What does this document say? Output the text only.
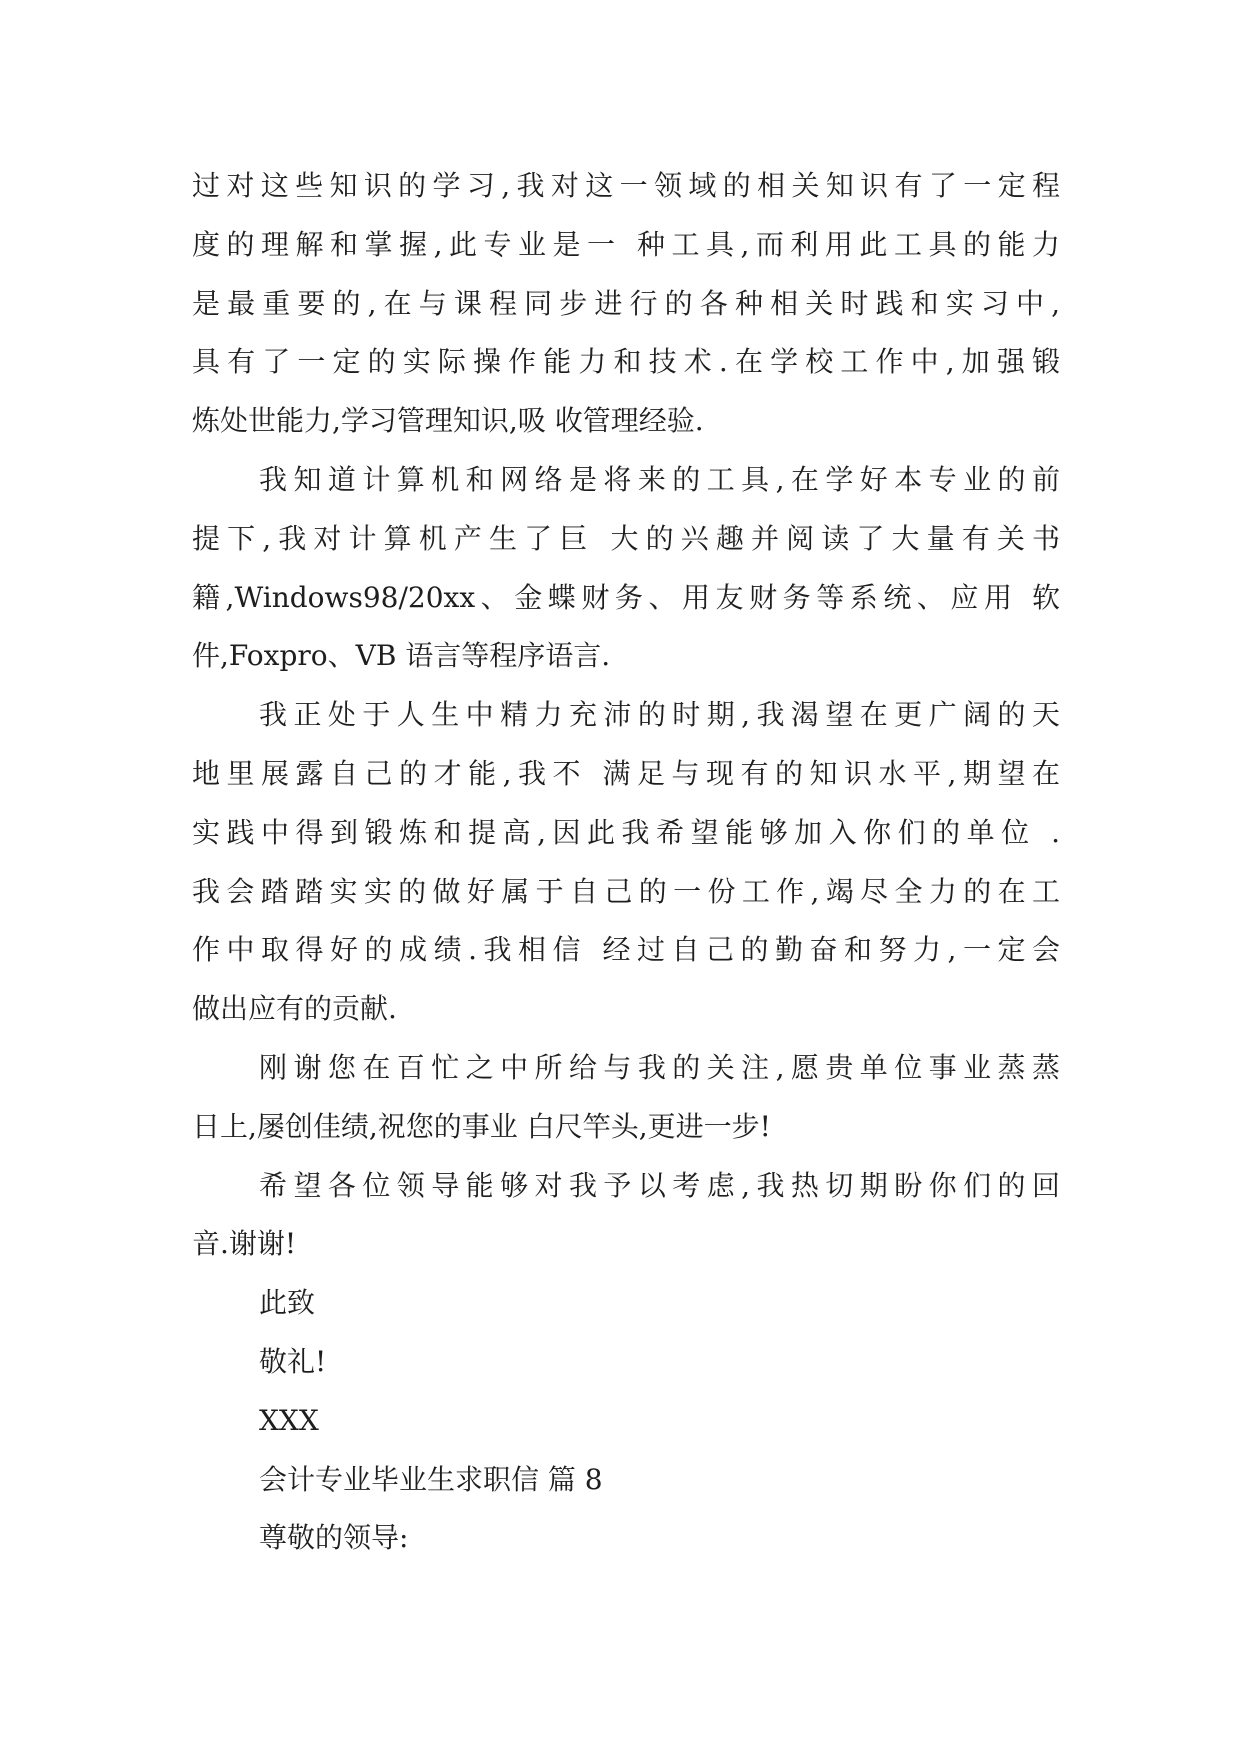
过对这些知识的学习,我对这一领域的相关知识有了一定程
度的理解和掌握,此专业是一 种工具,而利用此工具的能力
是最重要的,在与课程同步进行的各种相关时践和实习中,
具有了一定的实际操作能力和技术.在学校工作中,加强锻
炼处世能力,学习管理知识,吸 收管理经验.
我知道计算机和网络是将来的工具,在学好本专业的前
提下,我对计算机产生了巨 大的兴趣并阅读了大量有关书
籍,Windows98/20xx、金蝶财务、用友财务等系统、应用 软
件,Foxpro、VB 语言等程序语言.
我正处于人生中精力充沛的时期,我渴望在更广阔的天
地里展露自己的才能,我不 满足与现有的知识水平,期望在
实践中得到锻炼和提高,因此我希望能够加入你们的单位 .
我会踏踏实实的做好属于自己的一份工作,竭尽全力的在工
作中取得好的成绩.我相信 经过自己的勤奋和努力,一定会
做出应有的贡献.
刚谢您在百忙之中所给与我的关注,愿贵单位事业蒸蒸
日上,屡创佳绩,祝您的事业 白尺竿头,更进一步!
希望各位领导能够对我予以考虑,我热切期盼你们的回
音.谢谢!
此致
敬礼!
XXX
会计专业毕业生求职信 篇 8
尊敬的领导:
